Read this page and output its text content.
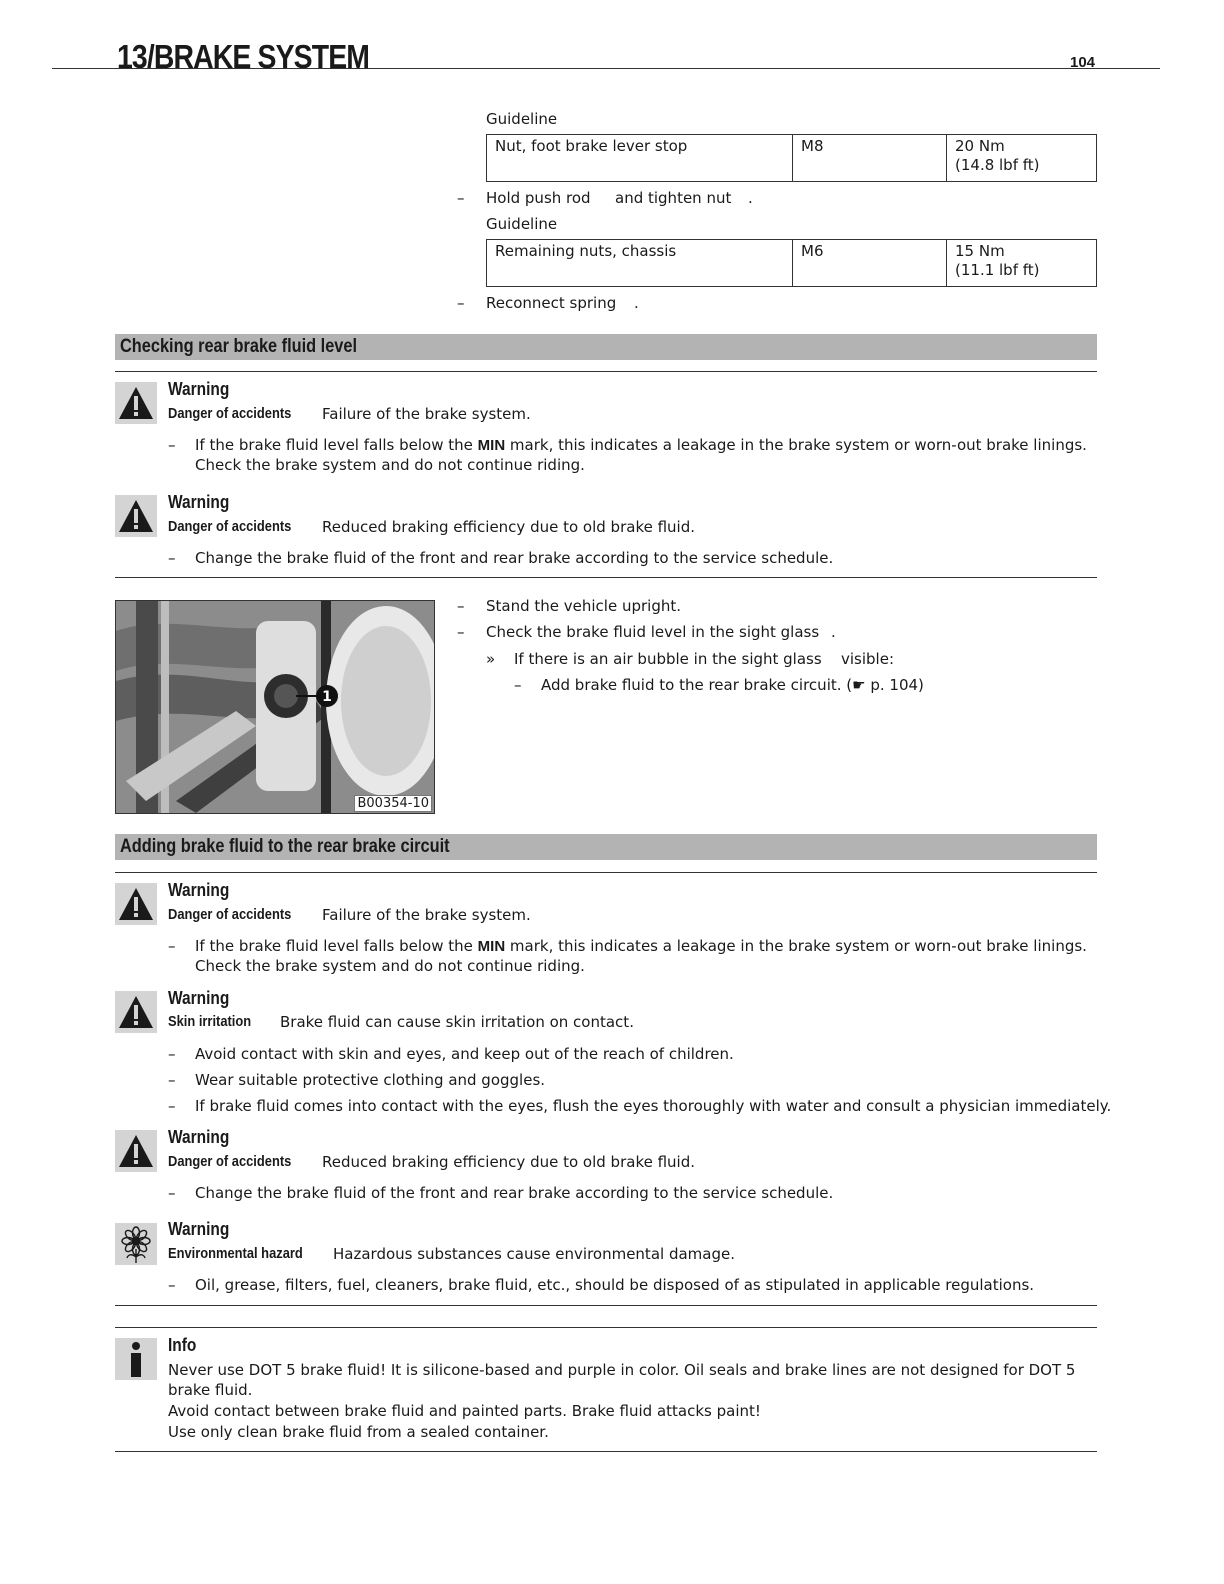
13/BRAKE SYSTEM	104
Guideline
Nut, foot brake lever stop	M8	20 Nm
(14.8 lbf ft)
– Hold push rod and tighten nut .
Guideline
Remaining nuts, chassis	M6	15 Nm
(11.1 lbf ft)
– Reconnect spring .
Checking rear brake fluid level
Warning
Danger of accidents Failure of the brake system.
– If the brake fluid level falls below the MIN mark, this indicates a leakage in the brake system or worn-out brake linings.
Check the brake system and do not continue riding.
Warning
Danger of accidents Reduced braking efficiency due to old brake fluid.
– Change the brake fluid of the front and rear brake according to the service schedule.
1
B00354-10
– Stand the vehicle upright.
– Check the brake fluid level in the sight glass .
» If there is an air bubble in the sight glass visible:
– Add brake fluid to the rear brake circuit. (☛ p. 104)
Adding brake fluid to the rear brake circuit
Warning
Danger of accidents Failure of the brake system.
– If the brake fluid level falls below the MIN mark, this indicates a leakage in the brake system or worn-out brake linings.
Check the brake system and do not continue riding.
Warning
Skin irritation Brake fluid can cause skin irritation on contact.
– Avoid contact with skin and eyes, and keep out of the reach of children.
– Wear suitable protective clothing and goggles.
– If brake fluid comes into contact with the eyes, flush the eyes thoroughly with water and consult a physician immediately.
Warning
Danger of accidents Reduced braking efficiency due to old brake fluid.
– Change the brake fluid of the front and rear brake according to the service schedule.
Warning
Environmental hazard Hazardous substances cause environmental damage.
– Oil, grease, filters, fuel, cleaners, brake fluid, etc., should be disposed of as stipulated in applicable regulations.
Info
Never use DOT 5 brake fluid! It is silicone-based and purple in color. Oil seals and brake lines are not designed for DOT 5
brake fluid.
Avoid contact between brake fluid and painted parts. Brake fluid attacks paint!
Use only clean brake fluid from a sealed container.
